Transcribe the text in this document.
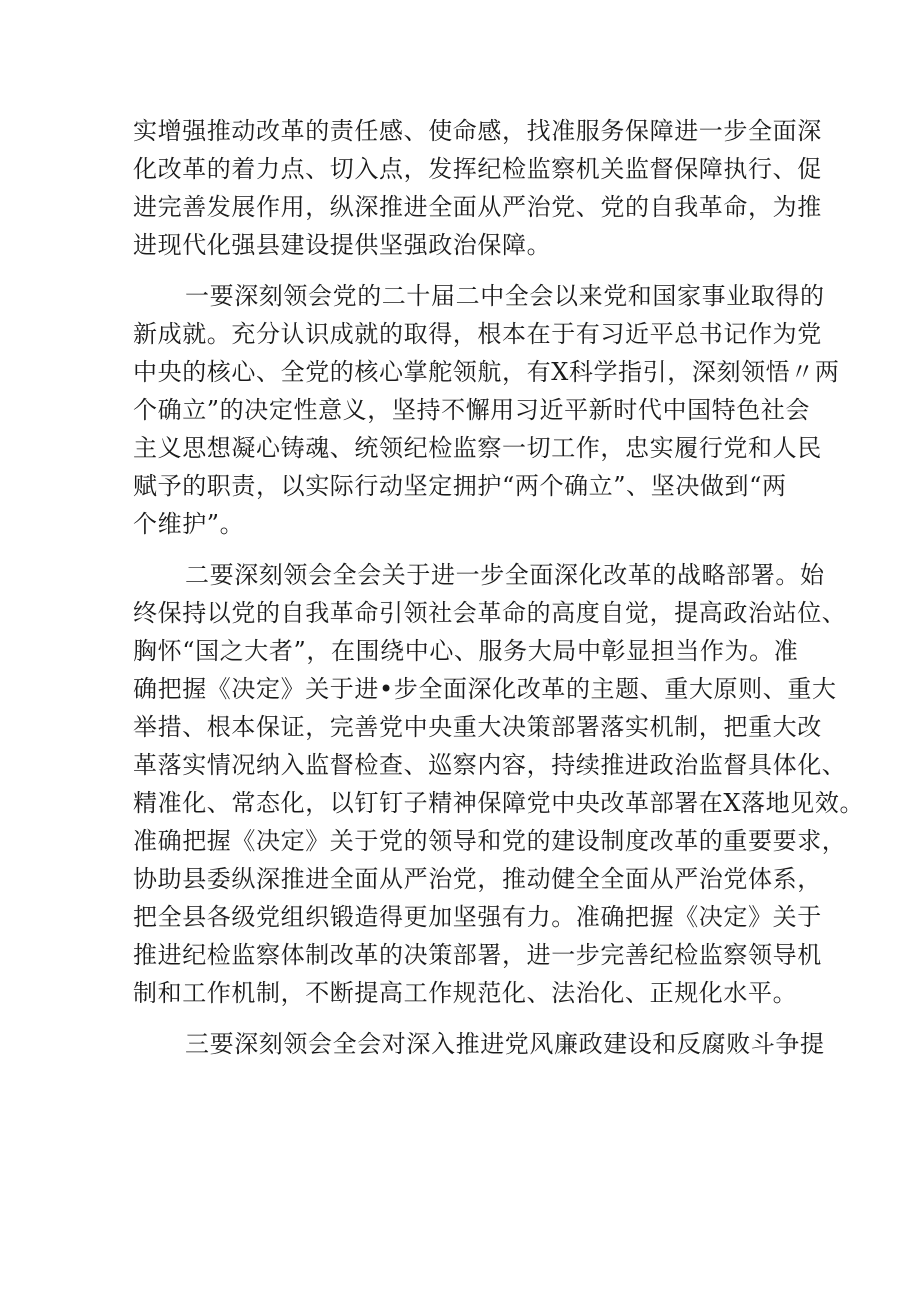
实增强推动改革的责任感、使命感，找准服务保障进一步全面深
化改革的着力点、切入点，发挥纪检监察机关监督保障执行、促
进完善发展作用，纵深推进全面从严治党、党的自我革命，为推
进现代化强县建设提供坚强政治保障。
一要深刻领会党的二十届二中全会以来党和国家事业取得的
新成就。充分认识成就的取得，根本在于有习近平总书记作为党
中央的核心、全党的核心掌舵领航，有X科学指引，深刻领悟〃两
个确立”的决定性意义，坚持不懈用习近平新时代中国特色社会
主义思想凝心铸魂、统领纪检监察一切工作，忠实履行党和人民
赋予的职责，以实际行动坚定拥护“两个确立”、坚决做到“两
个维护”。
二要深刻领会全会关于进一步全面深化改革的战略部署。始
终保持以党的自我革命引领社会革命的高度自觉，提高政治站位、
胸怀“国之大者”，在围绕中心、服务大局中彰显担当作为。准
确把握《决定》关于进•步全面深化改革的主题、重大原则、重大
举措、根本保证，完善党中央重大决策部署落实机制，把重大改
革落实情况纳入监督检查、巡察内容，持续推进政治监督具体化、
精准化、常态化，以钉钉子精神保障党中央改革部署在X落地见效。
准确把握《决定》关于党的领导和党的建设制度改革的重要要求，
协助县委纵深推进全面从严治党，推动健全全面从严治党体系，
把全县各级党组织锻造得更加坚强有力。准确把握《决定》关于
推进纪检监察体制改革的决策部署，进一步完善纪检监察领导机
制和工作机制，不断提高工作规范化、法治化、正规化水平。
三要深刻领会全会对深入推进党风廉政建设和反腐败斗争提
